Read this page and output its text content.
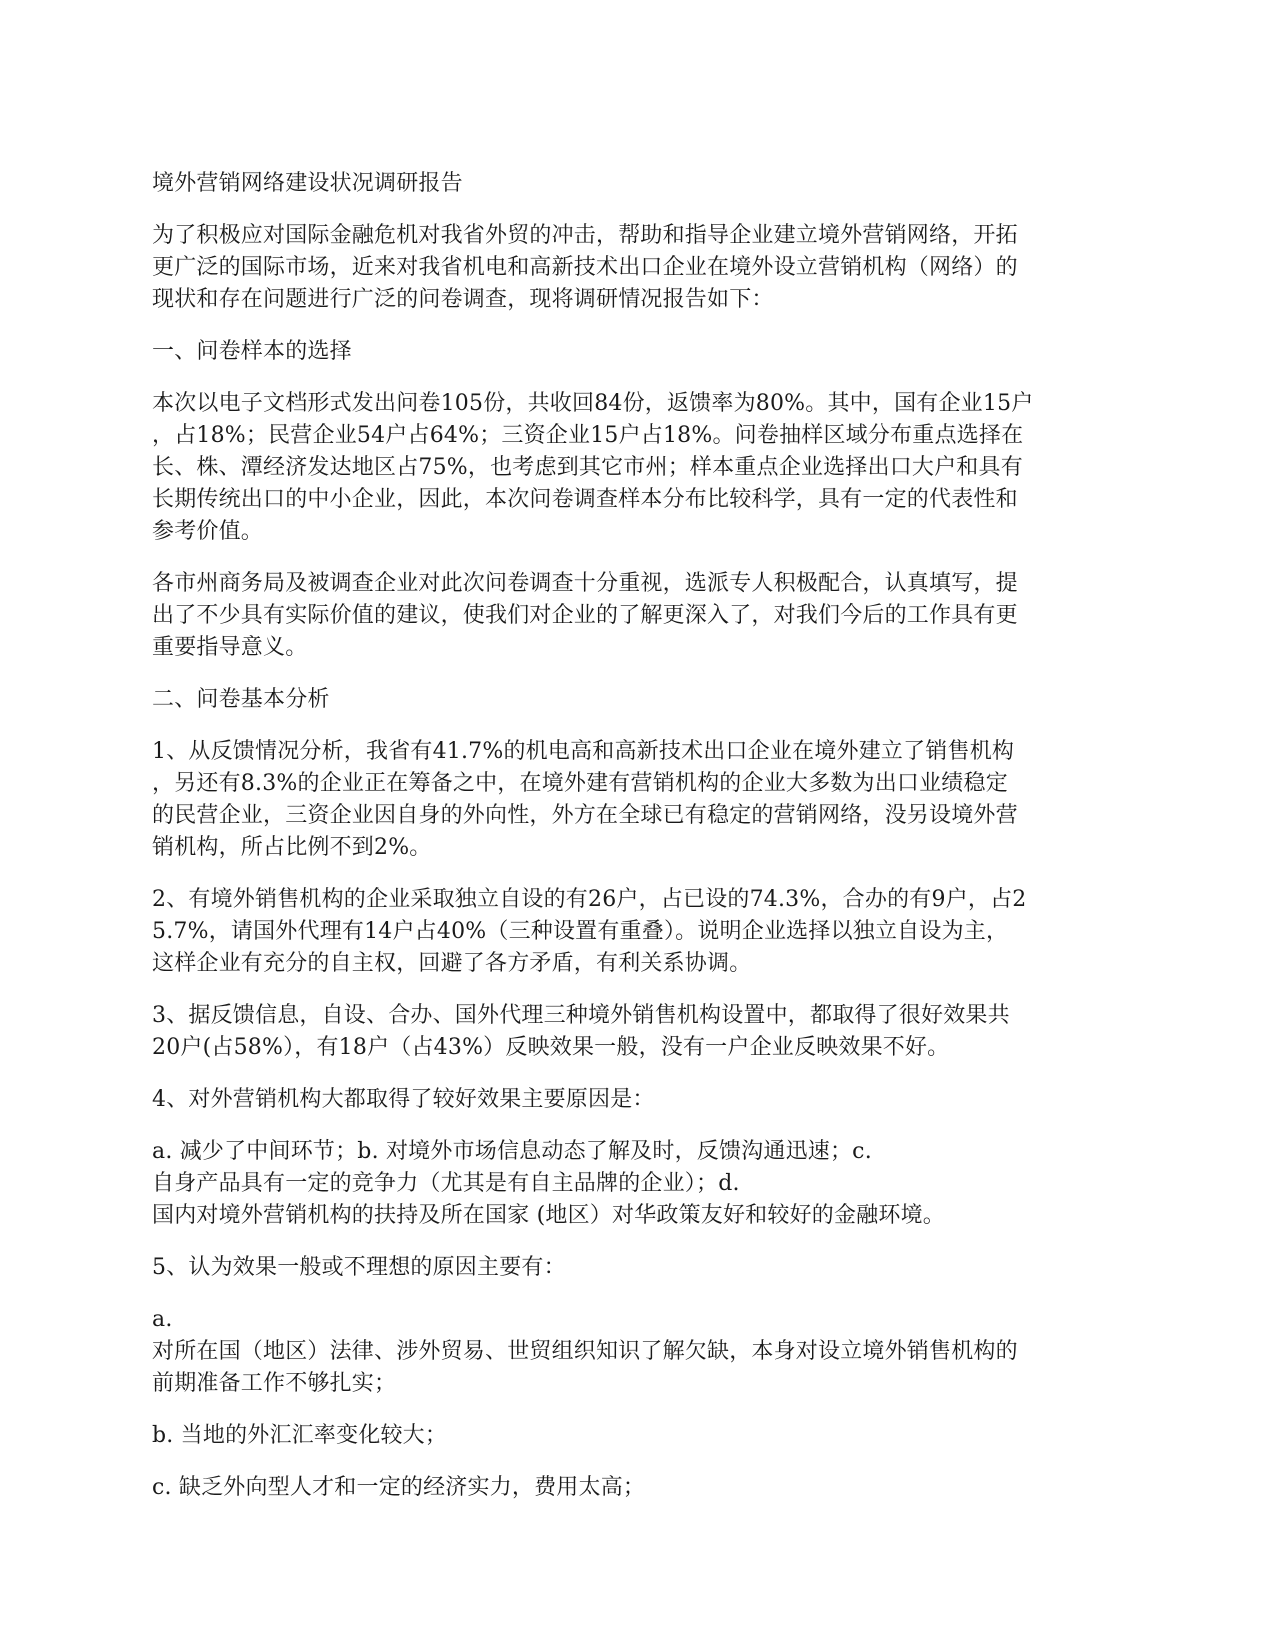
境外营销网络建设状况调研报告

为了积极应对国际金融危机对我省外贸的冲击，帮助和指导企业建立境外营销网络，开拓
更广泛的国际市场，近来对我省机电和高新技术出口企业在境外设立营销机构（网络）的
现状和存在问题进行广泛的问卷调查，现将调研情况报告如下：

一、问卷样本的选择

本次以电子文档形式发出问卷105份，共收回84份，返馈率为80%。其中，国有企业15户
，占18%；民营企业54户占64%；三资企业15户占18%。问卷抽样区域分布重点选择在
长、株、潭经济发达地区占75%，也考虑到其它市州；样本重点企业选择出口大户和具有
长期传统出口的中小企业，因此，本次问卷调查样本分布比较科学，具有一定的代表性和
参考价值。

各市州商务局及被调查企业对此次问卷调查十分重视，选派专人积极配合，认真填写，提
出了不少具有实际价值的建议，使我们对企业的了解更深入了，对我们今后的工作具有更
重要指导意义。

二、问卷基本分析

1、从反馈情况分析，我省有41.7%的机电高和高新技术出口企业在境外建立了销售机构
，另还有8.3%的企业正在筹备之中，在境外建有营销机构的企业大多数为出口业绩稳定
的民营企业，三资企业因自身的外向性，外方在全球已有稳定的营销网络，没另设境外营
销机构，所占比例不到2%。

2、有境外销售机构的企业采取独立自设的有26户，占已设的74.3%，合办的有9户，占2
5.7%，请国外代理有14户占40%（三种设置有重叠）。说明企业选择以独立自设为主，
这样企业有充分的自主权，回避了各方矛盾，有利关系协调。

3、据反馈信息，自设、合办、国外代理三种境外销售机构设置中，都取得了很好效果共
20户(占58%），有18户（占43%）反映效果一般，没有一户企业反映效果不好。

4、对外营销机构大都取得了较好效果主要原因是：

a. 减少了中间环节；b. 对境外市场信息动态了解及时，反馈沟通迅速；c.
自身产品具有一定的竞争力（尤其是有自主品牌的企业）；d.
国内对境外营销机构的扶持及所在国家 (地区）对华政策友好和较好的金融环境。

5、认为效果一般或不理想的原因主要有：

a.
对所在国（地区）法律、涉外贸易、世贸组织知识了解欠缺，本身对设立境外销售机构的
前期准备工作不够扎实；

b. 当地的外汇汇率变化较大；

c. 缺乏外向型人才和一定的经济实力，费用太高；
